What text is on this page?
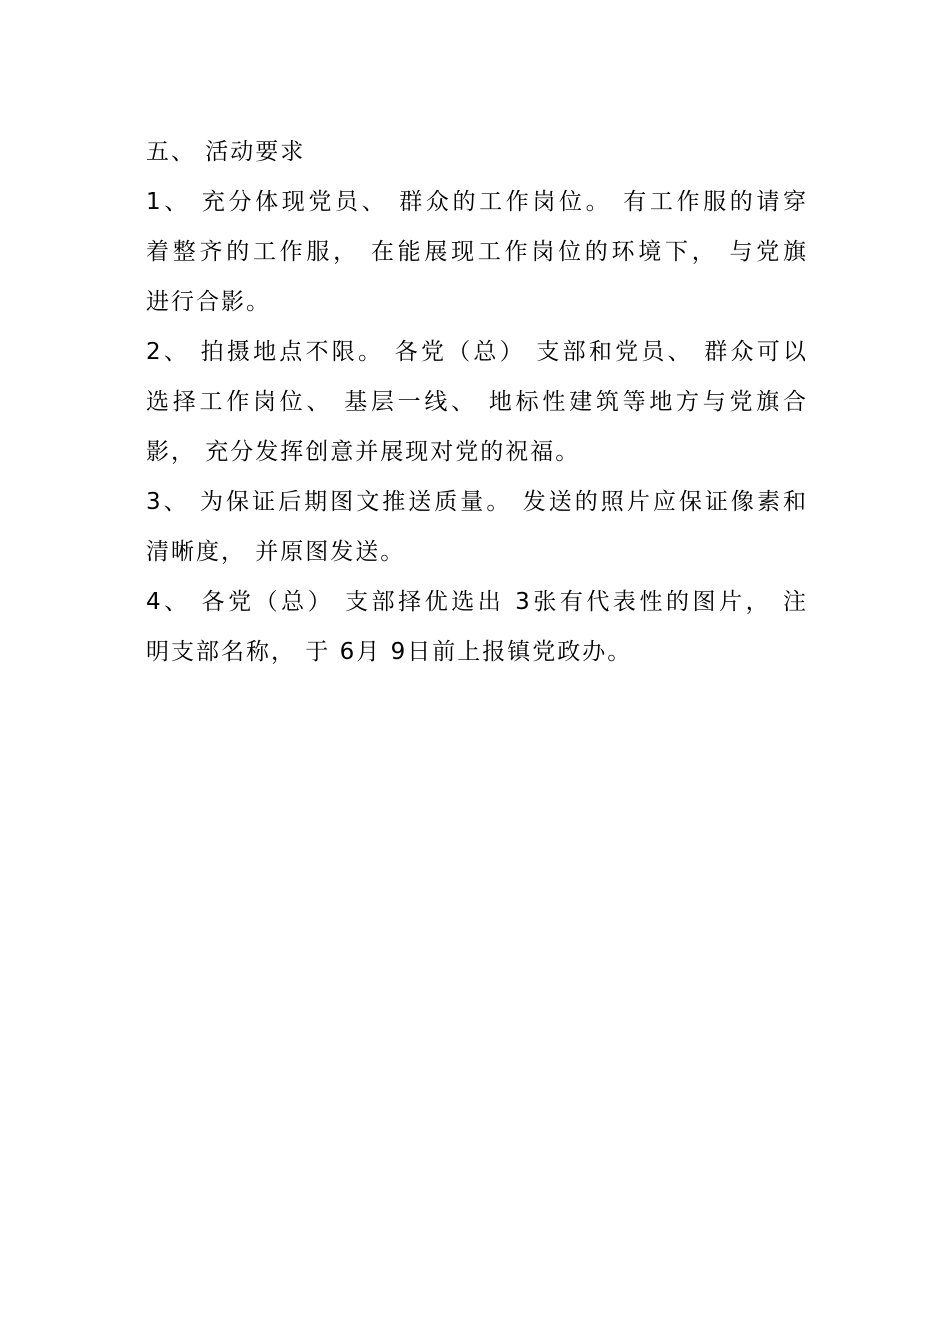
五、 活动要求
1、 充分体现党员、 群众的工作岗位。 有工作服的请穿
着整齐的工作服， 在能展现工作岗位的环境下， 与党旗
进行合影。
2、 拍摄地点不限。 各党（总） 支部和党员、 群众可以
选择工作岗位、 基层一线、 地标性建筑等地方与党旗合
影， 充分发挥创意并展现对党的祝福。
3、 为保证后期图文推送质量。 发送的照片应保证像素和
清晰度， 并原图发送。
4、 各党（总） 支部择优选出 3张有代表性的图片， 注
明支部名称， 于 6月 9日前上报镇党政办。
